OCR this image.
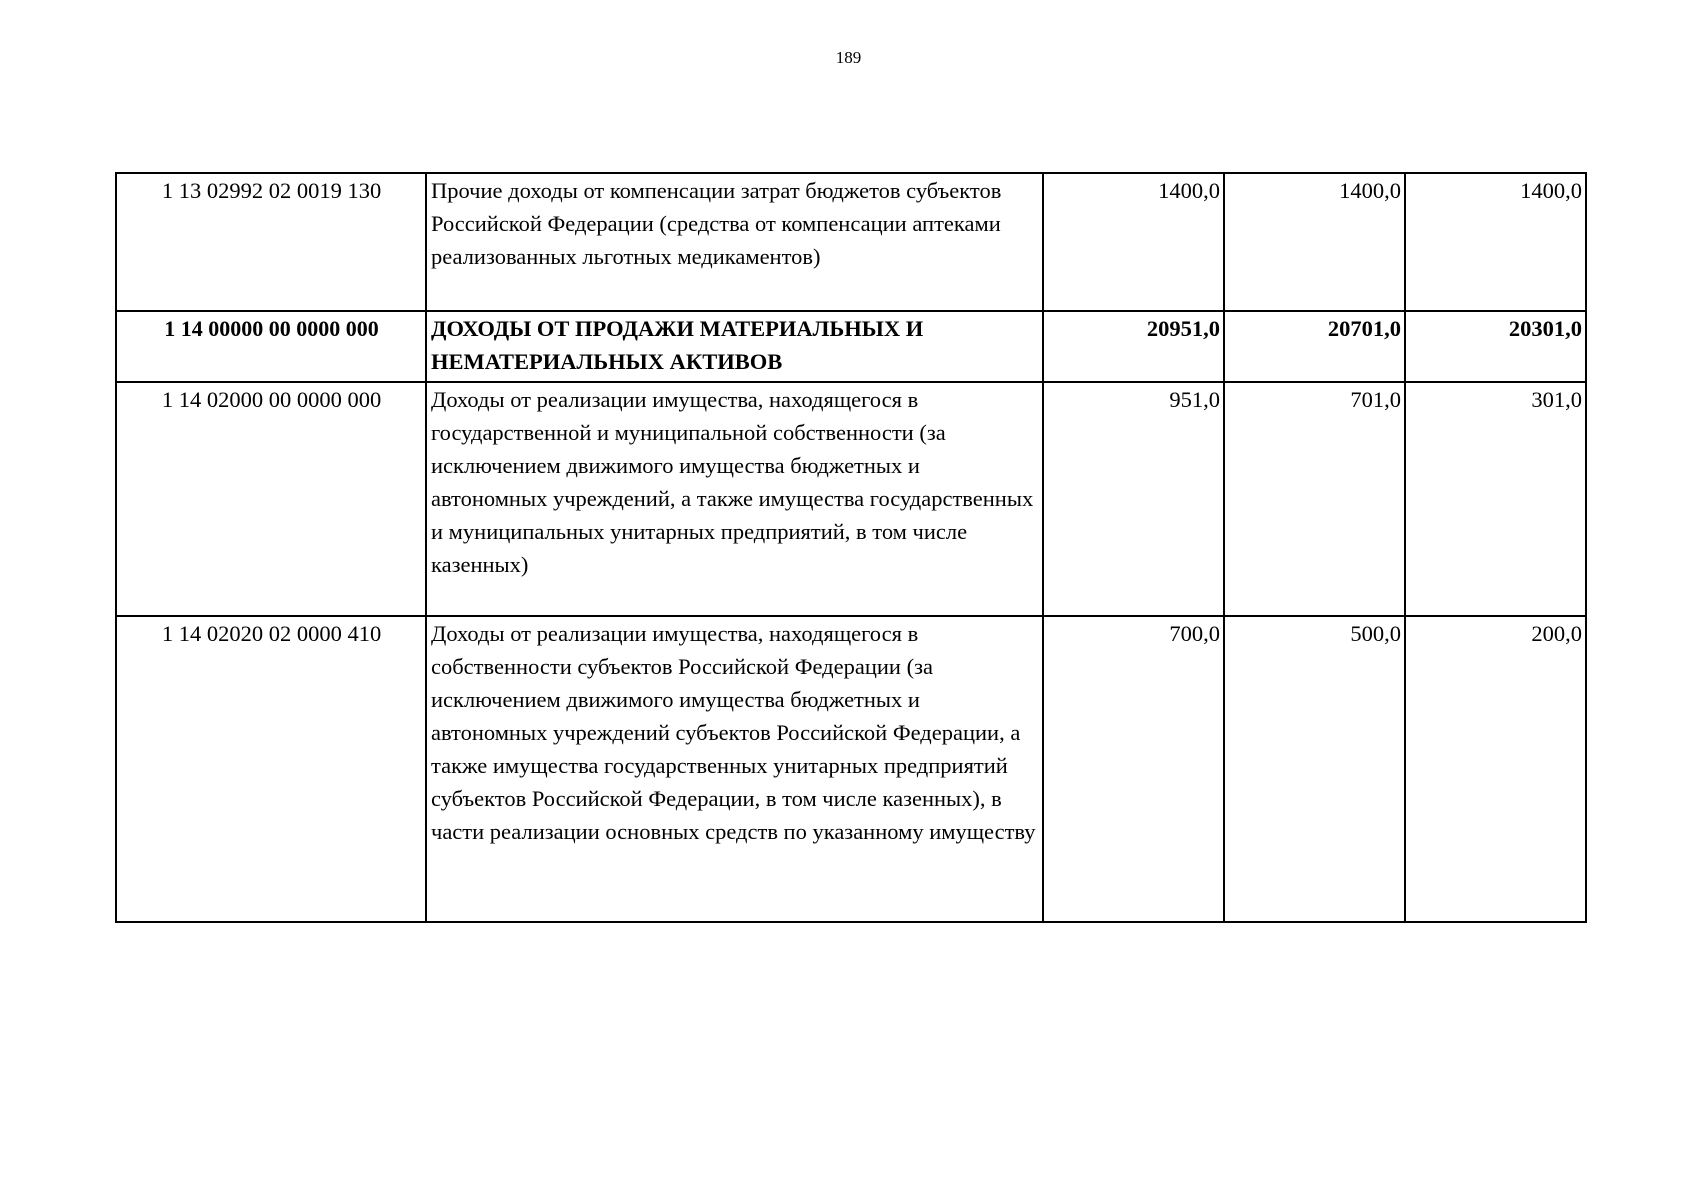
189
1 13 02992 02 0019 130	Прочие доходы от компенсации затрат бюджетов субъектов Российской Федерации (средства от компенсации аптеками реализованных льготных медикаментов)	1400,0	1400,0	1400,0
1 14 00000 00 0000 000	ДОХОДЫ ОТ ПРОДАЖИ МАТЕРИАЛЬНЫХ И НЕМАТЕРИАЛЬНЫХ АКТИВОВ	20951,0	20701,0	20301,0
1 14 02000 00 0000 000	Доходы от реализации имущества, находящегося в государственной и муниципальной собственности (за исключением движимого имущества бюджетных и автономных учреждений, а также имущества государственных и муниципальных унитарных предприятий, в том числе казенных)	951,0	701,0	301,0
1 14 02020 02 0000 410	Доходы от реализации имущества, находящегося в собственности субъектов Российской Федерации (за исключением движимого имущества бюджетных и автономных учреждений субъектов Российской Федерации, а также имущества государственных унитарных предприятий субъектов Российской Федерации, в том числе казенных), в части реализации основных средств по указанному имуществу	700,0	500,0	200,0
